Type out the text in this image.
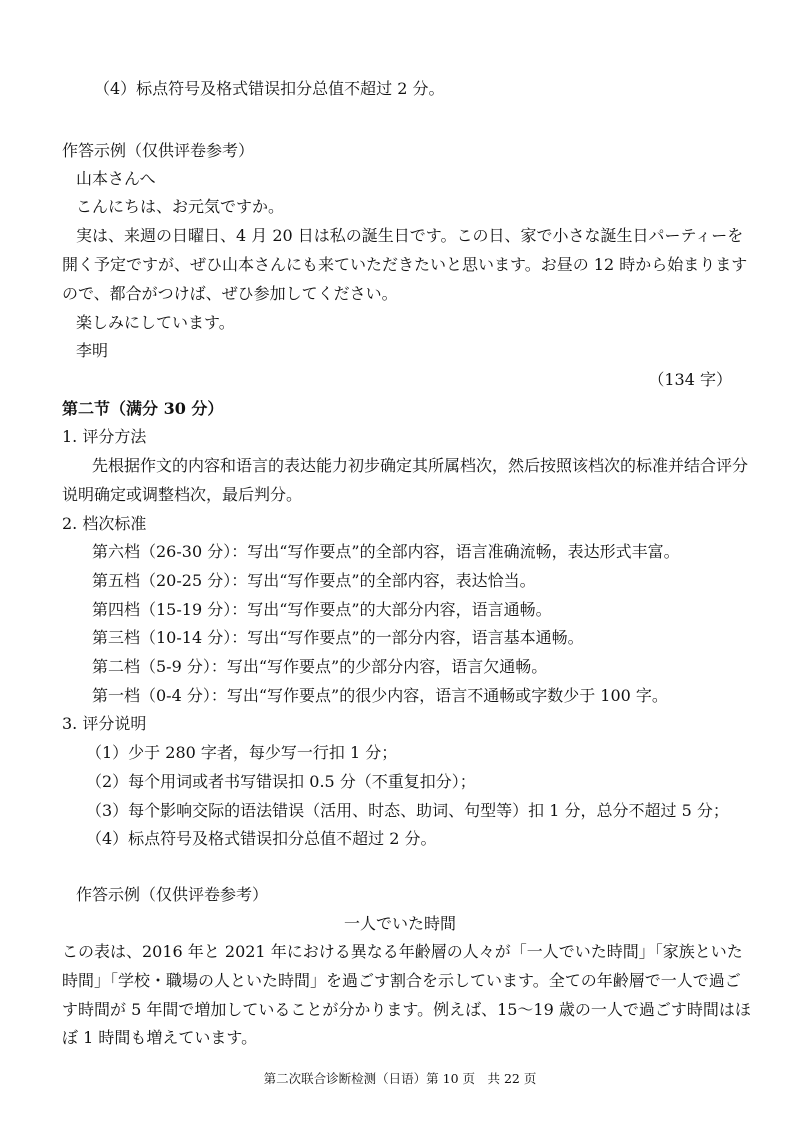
（4）标点符号及格式错误扣分总值不超过 2 分。
作答示例（仅供评卷参考）
山本さんへ
こんにちは、お元気ですか。
実は、来週の日曜日、4 月 20 日は私の誕生日です。この日、家で小さな誕生日パーティーを
開く予定ですが、ぜひ山本さんにも来ていただきたいと思います。お昼の 12 時から始まります
ので、都合がつけば、ぜひ参加してください。
楽しみにしています。
李明
（134 字）
第二节（满分 30 分）
1. 评分方法
先根据作文的内容和语言的表达能力初步确定其所属档次，然后按照该档次的标准并结合评分
说明确定或调整档次，最后判分。
2. 档次标准
第六档（26-30 分）：写出“写作要点”的全部内容，语言准确流畅，表达形式丰富。
第五档（20-25 分）：写出“写作要点”的全部内容，表达恰当。
第四档（15-19 分）：写出“写作要点”的大部分内容，语言通畅。
第三档（10-14 分）：写出“写作要点”的一部分内容，语言基本通畅。
第二档（5-9 分）：写出“写作要点”的少部分内容，语言欠通畅。
第一档（0-4 分）：写出“写作要点”的很少内容，语言不通畅或字数少于 100 字。
3. 评分说明
（1）少于 280 字者，每少写一行扣 1 分；
（2）每个用词或者书写错误扣 0.5 分（不重复扣分）；
（3）每个影响交际的语法错误（活用、时态、助词、句型等）扣 1 分，总分不超过 5 分；
（4）标点符号及格式错误扣分总值不超过 2 分。
作答示例（仅供评卷参考）
一人でいた時間
この表は、2016 年と 2021 年における異なる年齢層の人々が「一人でいた時間」「家族といた
時間」「学校・職場の人といた時間」を過ごす割合を示しています。全ての年齢層で一人で過ご
す時間が 5 年間で増加していることが分かります。例えば、15～19 歳の一人で過ごす時間はほ
ぼ 1 時間も増えています。
第二次联合诊断检测（日语）第 10 页　共 22 页
